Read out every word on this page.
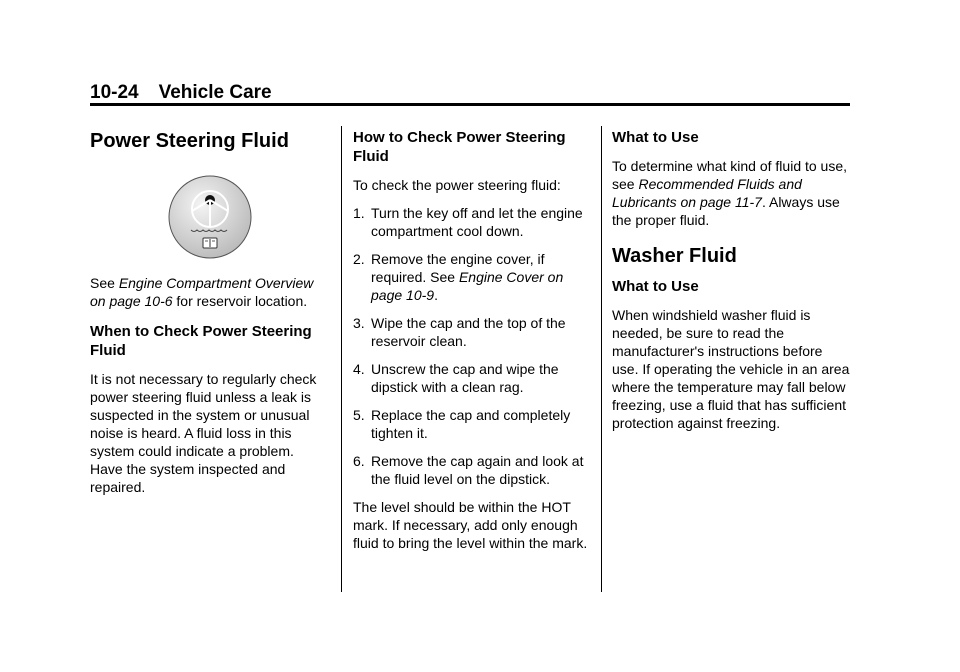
10-24 Vehicle Care
Power Steering Fluid

See Engine Compartment Overview on page 10-6 for reservoir location.

When to Check Power Steering Fluid

It is not necessary to regularly check power steering fluid unless a leak is suspected in the system or unusual noise is heard. A fluid loss in this system could indicate a problem. Have the system inspected and repaired.

How to Check Power Steering Fluid

To check the power steering fluid:

1. Turn the key off and let the engine compartment cool down.
2. Remove the engine cover, if required. See Engine Cover on page 10-9.
3. Wipe the cap and the top of the reservoir clean.
4. Unscrew the cap and wipe the dipstick with a clean rag.
5. Replace the cap and completely tighten it.
6. Remove the cap again and look at the fluid level on the dipstick.

The level should be within the HOT mark. If necessary, add only enough fluid to bring the level within the mark.

What to Use

To determine what kind of fluid to use, see Recommended Fluids and Lubricants on page 11-7. Always use the proper fluid.

Washer Fluid
What to Use

When windshield washer fluid is needed, be sure to read the manufacturer's instructions before use. If operating the vehicle in an area where the temperature may fall below freezing, use a fluid that has sufficient protection against freezing.
